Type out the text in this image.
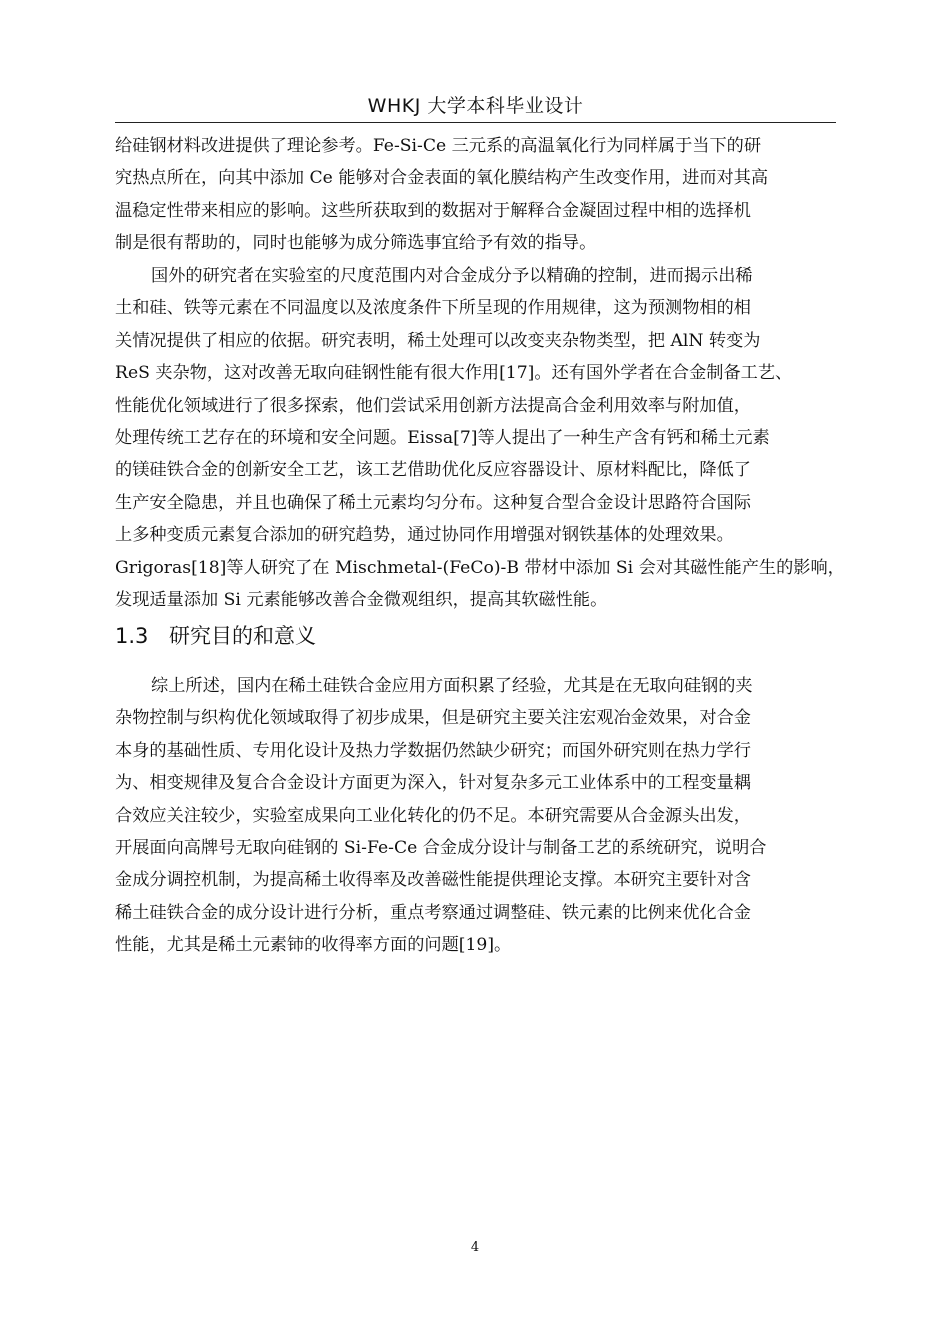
WHKJ 大学本科毕业设计
给硅钢材料改进提供了理论参考。Fe-Si-Ce 三元系的高温氧化行为同样属于当下的研
究热点所在，向其中添加 Ce 能够对合金表面的氧化膜结构产生改变作用，进而对其高
温稳定性带来相应的影响。这些所获取到的数据对于解释合金凝固过程中相的选择机
制是很有帮助的，同时也能够为成分筛选事宜给予有效的指导。
国外的研究者在实验室的尺度范围内对合金成分予以精确的控制，进而揭示出稀
土和硅、铁等元素在不同温度以及浓度条件下所呈现的作用规律，这为预测物相的相
关情况提供了相应的依据。研究表明，稀土处理可以改变夹杂物类型，把 AlN 转变为
ReS 夹杂物，这对改善无取向硅钢性能有很大作用[17]。还有国外学者在合金制备工艺、
性能优化领域进行了很多探索，他们尝试采用创新方法提高合金利用效率与附加值，
处理传统工艺存在的环境和安全问题。Eissa[7]等人提出了一种生产含有钙和稀土元素
的镁硅铁合金的创新安全工艺，该工艺借助优化反应容器设计、原材料配比，降低了
生产安全隐患，并且也确保了稀土元素均匀分布。这种复合型合金设计思路符合国际
上多种变质元素复合添加的研究趋势，通过协同作用增强对钢铁基体的处理效果。
Grigoras[18]等人研究了在 Mischmetal-(FeCo)-B 带材中添加 Si 会对其磁性能产生的影响，
发现适量添加 Si 元素能够改善合金微观组织，提高其软磁性能。
1.3 研究目的和意义
综上所述，国内在稀土硅铁合金应用方面积累了经验，尤其是在无取向硅钢的夹
杂物控制与织构优化领域取得了初步成果，但是研究主要关注宏观冶金效果，对合金
本身的基础性质、专用化设计及热力学数据仍然缺少研究；而国外研究则在热力学行
为、相变规律及复合合金设计方面更为深入，针对复杂多元工业体系中的工程变量耦
合效应关注较少，实验室成果向工业化转化的仍不足。本研究需要从合金源头出发，
开展面向高牌号无取向硅钢的 Si-Fe-Ce 合金成分设计与制备工艺的系统研究，说明合
金成分调控机制，为提高稀土收得率及改善磁性能提供理论支撑。本研究主要针对含
稀土硅铁合金的成分设计进行分析，重点考察通过调整硅、铁元素的比例来优化合金
性能，尤其是稀土元素铈的收得率方面的问题[19]。
4
